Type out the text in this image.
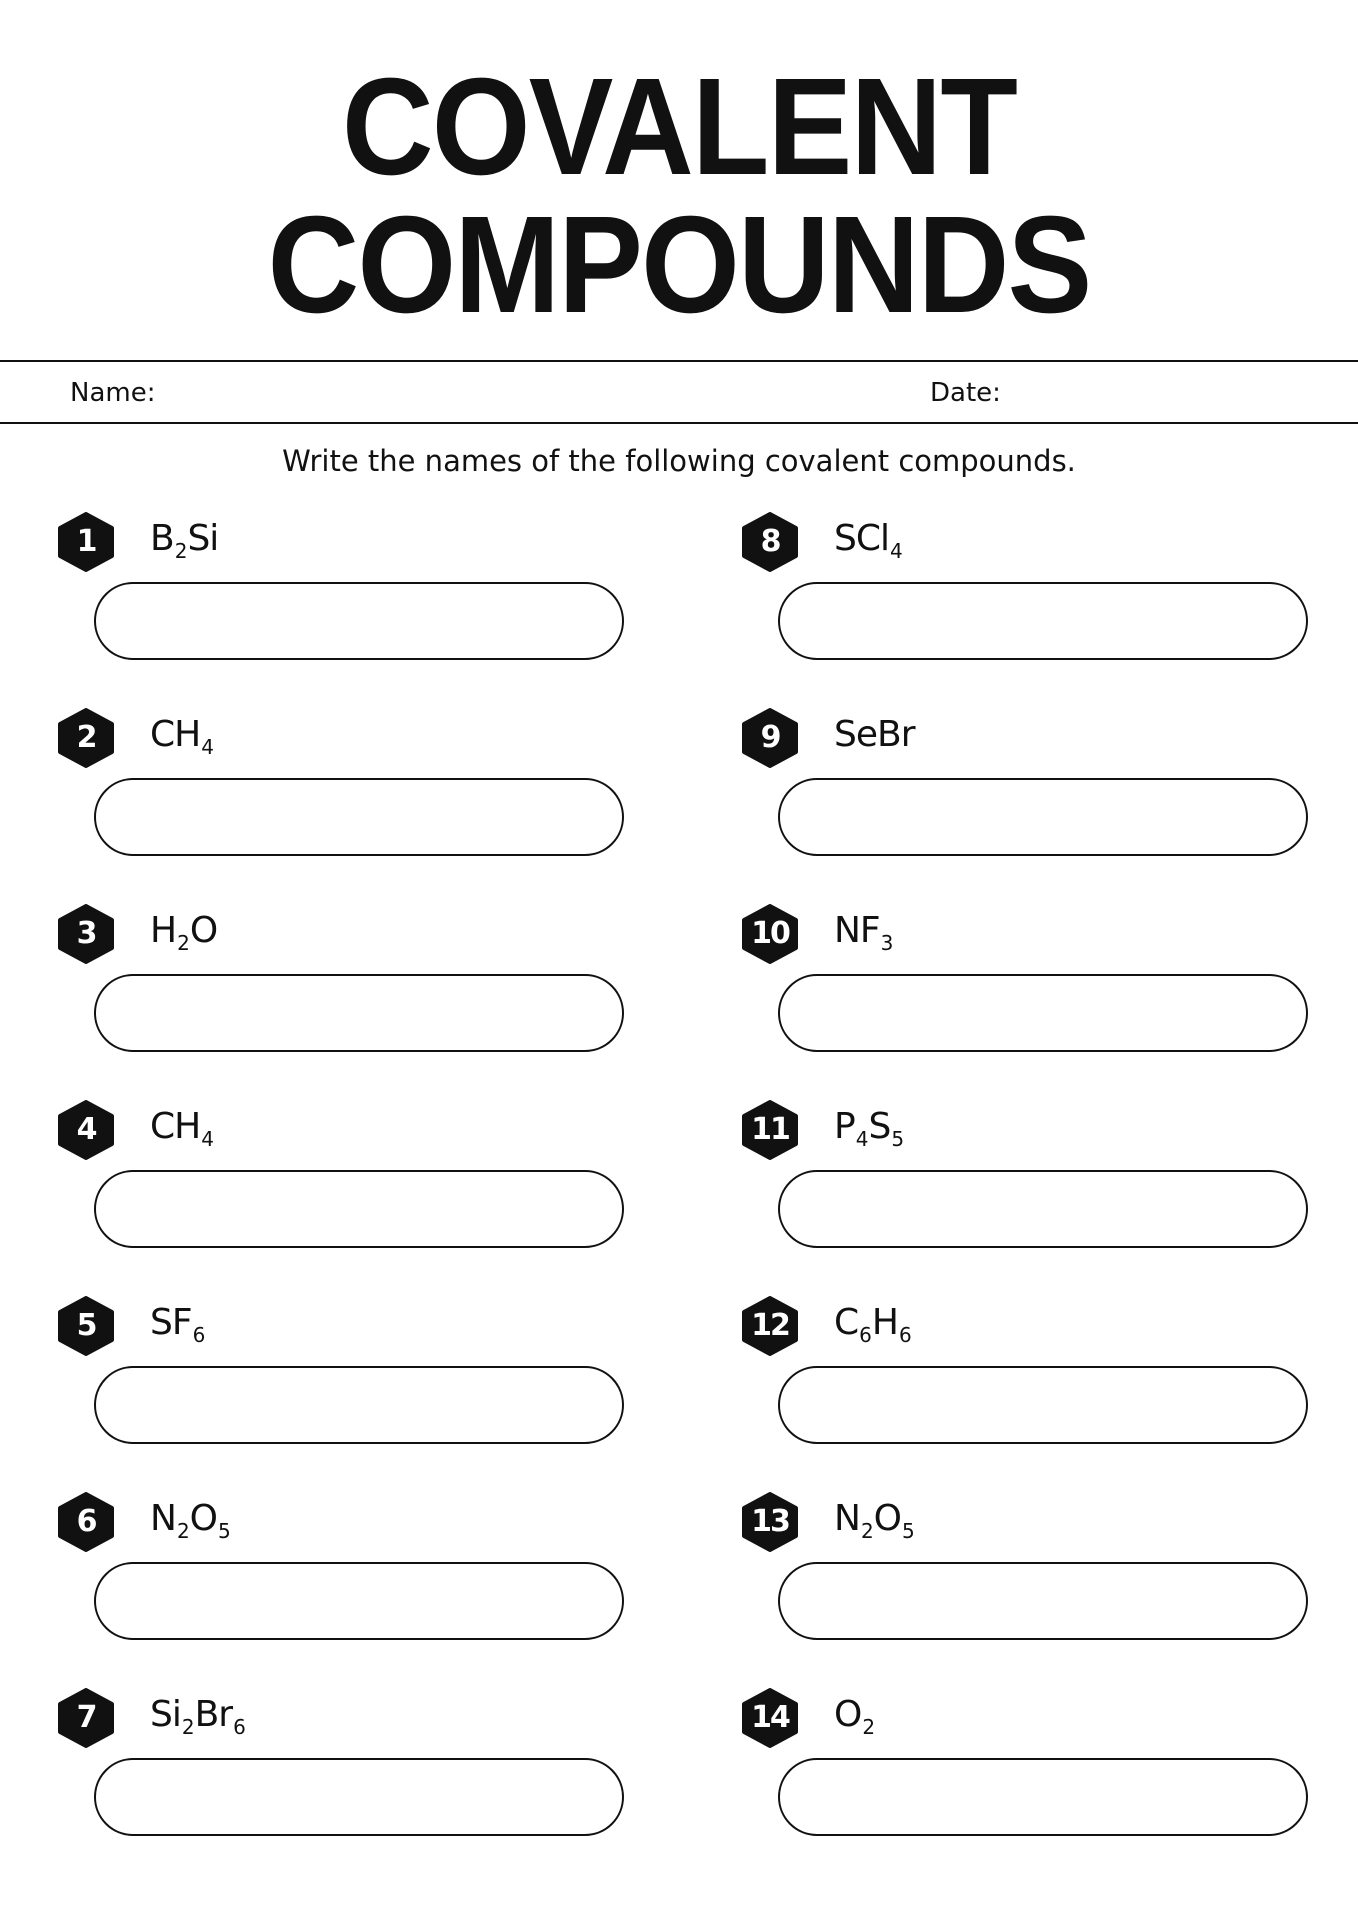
COVALENT
COMPOUNDS
Name:	Date:
Write the names of the following covalent compounds.
1	$B_2Si$
2	$CH_4$
3	$H_2O$
4	$CH_4$
5	$SF_6$
6	$N_2O_5$
7	$Si_2Br_6$
8	SCl$_4$
9	SeBr
10	$NF_3$
11	$P_4S_5$
12	$C_6H_6$
13	$N_2O_5$
14	$O_2$
